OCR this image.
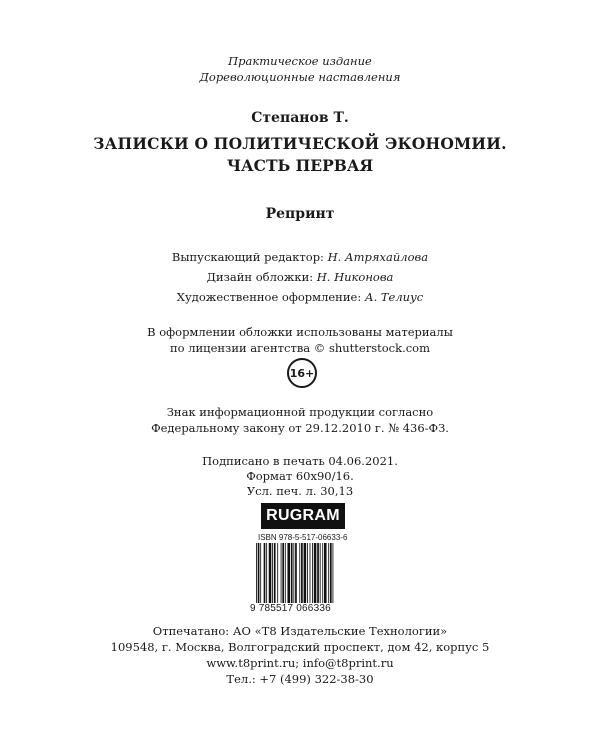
Практическое издание
Дореволюционные наставления
Степанов Т.
ЗАПИСКИ О ПОЛИТИЧЕСКОЙ ЭКОНОМИИ.
ЧАСТЬ ПЕРВАЯ
Репринт
Выпускающий редактор: Н. Атряхайлова
Дизайн обложки: Н. Никонова
Художественное оформление: А. Телиус
В оформлении обложки использованы материалы
по лицензии агентства © shutterstock.com
16+
Знак информационной продукции согласно
Федеральному закону от 29.12.2010 г. № 436-ФЗ.
Подписано в печать 04.06.2021.
Формат 60х90/16.
Усл. печ. л. 30,13
RUGRAM
ISBN 978-5-517-06633-6
9 785517 066336
Отпечатано: АО «Т8 Издательские Технологии»
109548, г. Москва, Волгоградский проспект, дом 42, корпус 5
www.t8print.ru; info@t8print.ru
Тел.: +7 (499) 322-38-30
